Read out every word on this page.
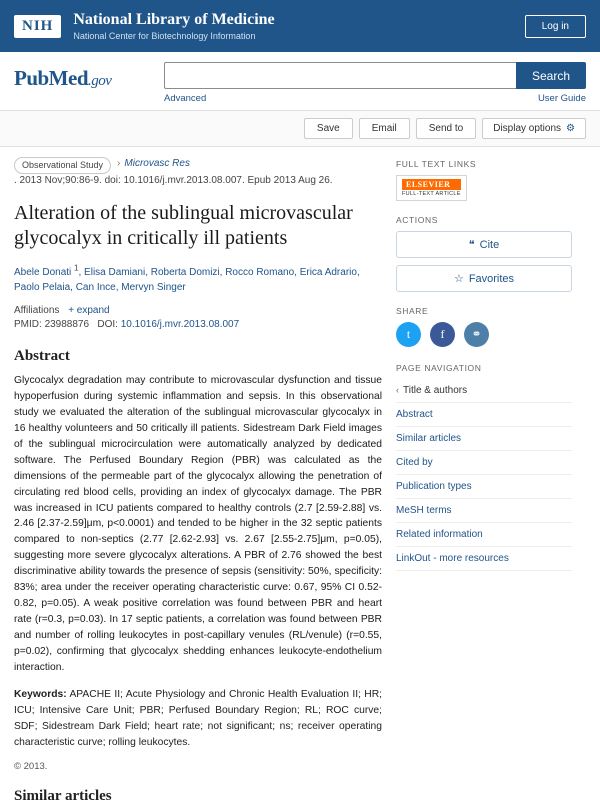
NIH	National Library of Medicine
National Center for Biotechnology Information
Log in
PubMed.gov	Search
Advanced	User Guide
Save	Email	Send to	Display options ⚙
Observational Study	› Microvasc Res
. 2013 Nov;90:86-9. doi: 10.1016/j.mvr.2013.08.007. Epub 2013 Aug 26.
Alteration of the sublingual microvascular glycocalyx in critically ill patients
Abele Donati $^1$, Elisa Damiani, Roberta Domizi, Rocco Romano, Erica Adrario, Paolo Pelaia, Can Ince, Mervyn Singer
Affiliations + expand
PMID: 23988876 DOI: 10.1016/j.mvr.2013.08.007
Abstract
Glycocalyx degradation may contribute to microvascular dysfunction and tissue hypoperfusion during systemic inflammation and sepsis. In this observational study we evaluated the alteration of the sublingual microvascular glycocalyx in 16 healthy volunteers and 50 critically ill patients. Sidestream Dark Field images of the sublingual microcirculation were automatically analyzed by dedicated software. The Perfused Boundary Region (PBR) was calculated as the dimensions of the permeable part of the glycocalyx allowing the penetration of circulating red blood cells, providing an index of glycocalyx damage. The PBR was increased in ICU patients compared to healthy controls (2.7 [2.59-2.88] vs. 2.46 [2.37-2.59]μm, p<0.0001) and tended to be higher in the 32 septic patients compared to non-septics (2.77 [2.62-2.93] vs. 2.67 [2.55-2.75]μm, p=0.05), suggesting more severe glycocalyx alterations. A PBR of 2.76 showed the best discriminative ability towards the presence of sepsis (sensitivity: 50%, specificity: 83%; area under the receiver operating characteristic curve: 0.67, 95% CI 0.52-0.82, p=0.05). A weak positive correlation was found between PBR and heart rate (r=0.3, p=0.03). In 17 septic patients, a correlation was found between PBR and number of rolling leukocytes in post-capillary venules (RL/venule) (r=0.55, p=0.02), confirming that glycocalyx shedding enhances leukocyte-endothelium interaction.
Keywords: APACHE II; Acute Physiology and Chronic Health Evaluation II; HR; ICU; Intensive Care Unit; PBR; Perfused Boundary Region; RL; ROC curve; SDF; Sidestream Dark Field; heart rate; not significant; ns; receiver operating characteristic curve; rolling leukocytes.
© 2013.
Similar articles
FULL TEXT LINKS
ELSEVIER
FULL-TEXT ARTICLE
ACTIONS
❝ Cite
☆ Favorites
SHARE
t	f	⚭
PAGE NAVIGATION
‹ Title & authors
Abstract
Similar articles
Cited by
Publication types
MeSH terms
Related information
LinkOut - more resources
